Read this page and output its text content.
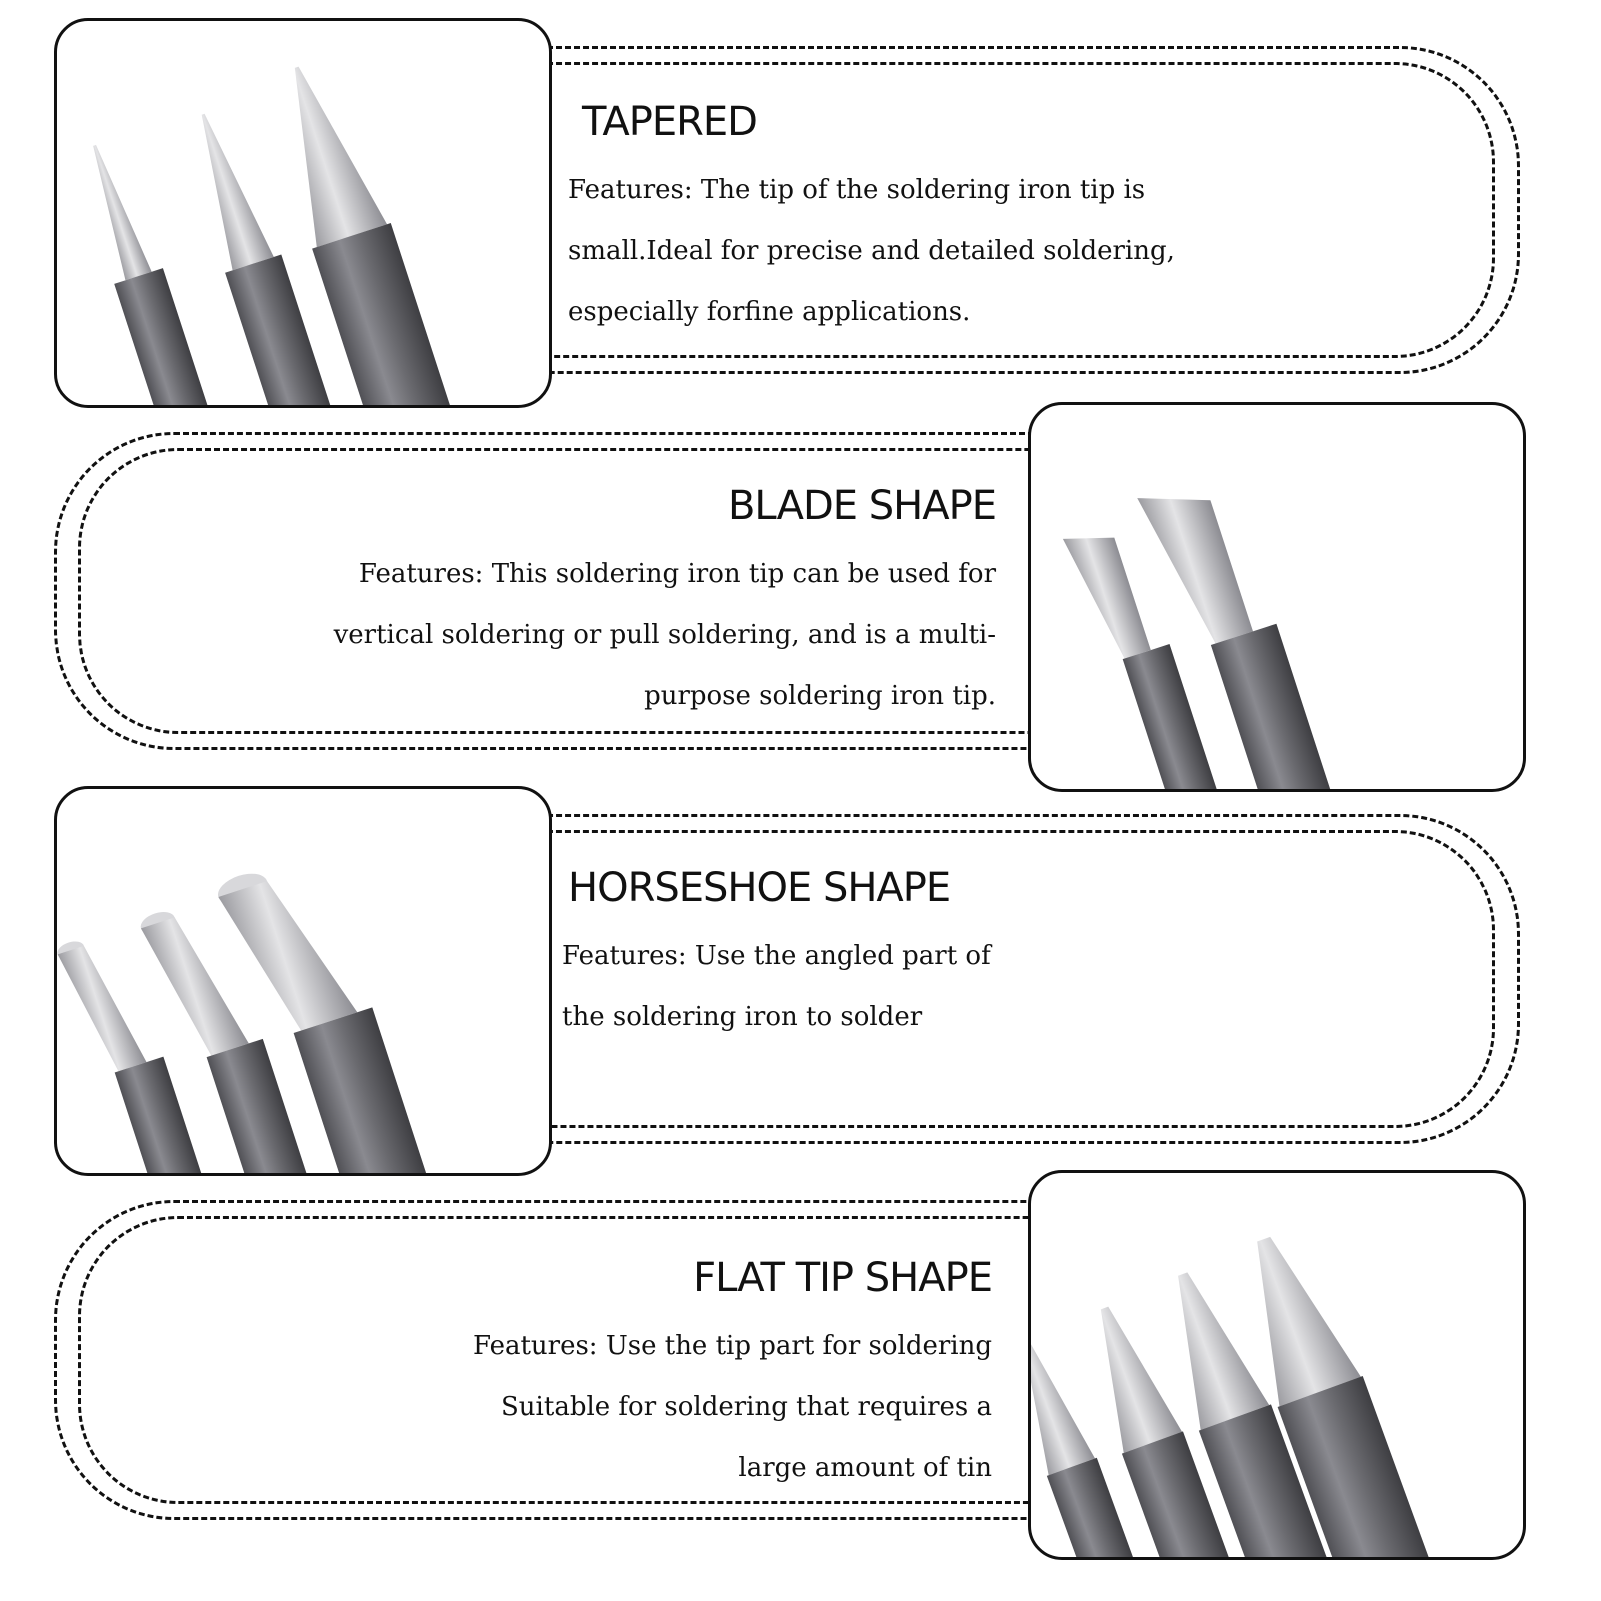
TAPERED

Features: The tip of the soldering iron tip is small.Ideal for precise and detailed soldering, especially forfine applications.

BLADE SHAPE

Features: This soldering iron tip can be used for vertical soldering or pull soldering, and is a multi-purpose soldering iron tip.

HORSESHOE SHAPE

Features: Use the angled part of the soldering iron to solder

FLAT TIP SHAPE

Features: Use the tip part for soldering Suitable for soldering that requires a large amount of tin
